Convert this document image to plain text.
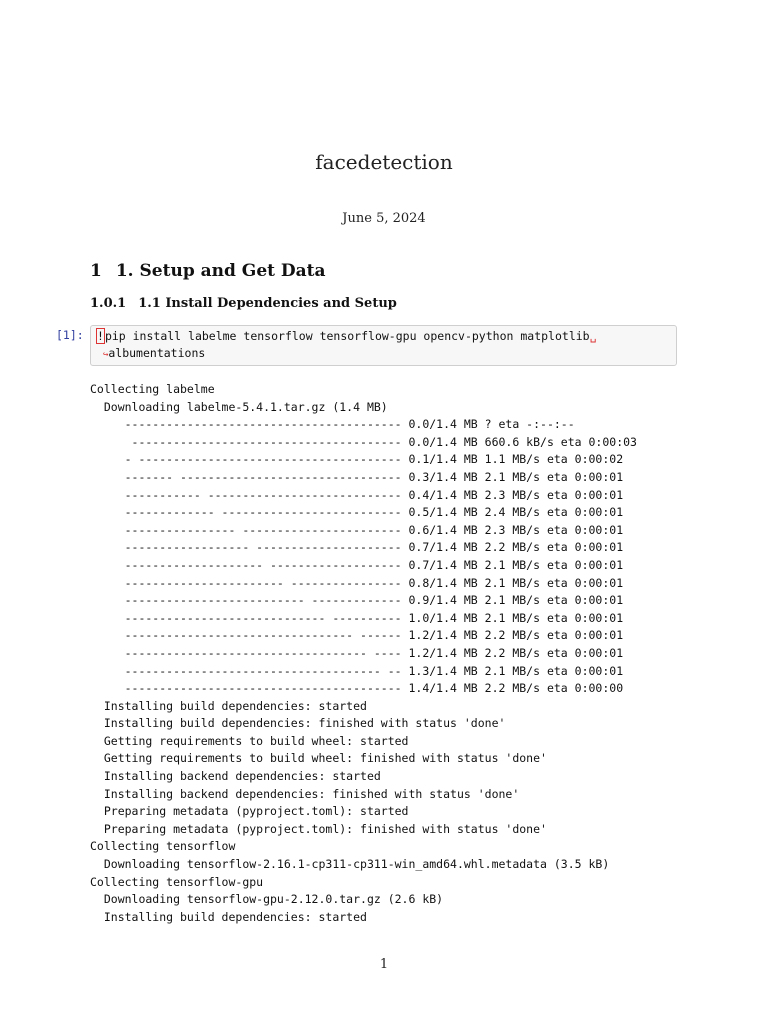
facedetection
June 5, 2024
1 1. Setup and Get Data
1.0.1 1.1 Install Dependencies and Setup
[1]: !pip install labelme tensorflow tensorflow-gpu opencv-python matplotlib␣
↪albumentations
Collecting labelme
Downloading labelme-5.4.1.tar.gz (1.4 MB)
---------------------------------------- 0.0/1.4 MB ? eta -:--:--
--------------------------------------- 0.0/1.4 MB 660.6 kB/s eta 0:00:03
- -------------------------------------- 0.1/1.4 MB 1.1 MB/s eta 0:00:02
------- -------------------------------- 0.3/1.4 MB 2.1 MB/s eta 0:00:01
----------- ---------------------------- 0.4/1.4 MB 2.3 MB/s eta 0:00:01
------------- -------------------------- 0.5/1.4 MB 2.4 MB/s eta 0:00:01
---------------- ----------------------- 0.6/1.4 MB 2.3 MB/s eta 0:00:01
------------------ --------------------- 0.7/1.4 MB 2.2 MB/s eta 0:00:01
-------------------- ------------------- 0.7/1.4 MB 2.1 MB/s eta 0:00:01
----------------------- ---------------- 0.8/1.4 MB 2.1 MB/s eta 0:00:01
-------------------------- ------------- 0.9/1.4 MB 2.1 MB/s eta 0:00:01
----------------------------- ---------- 1.0/1.4 MB 2.1 MB/s eta 0:00:01
--------------------------------- ------ 1.2/1.4 MB 2.2 MB/s eta 0:00:01
----------------------------------- ---- 1.2/1.4 MB 2.2 MB/s eta 0:00:01
------------------------------------- -- 1.3/1.4 MB 2.1 MB/s eta 0:00:01
---------------------------------------- 1.4/1.4 MB 2.2 MB/s eta 0:00:00
Installing build dependencies: started
Installing build dependencies: finished with status 'done'
Getting requirements to build wheel: started
Getting requirements to build wheel: finished with status 'done'
Installing backend dependencies: started
Installing backend dependencies: finished with status 'done'
Preparing metadata (pyproject.toml): started
Preparing metadata (pyproject.toml): finished with status 'done'
Collecting tensorflow
Downloading tensorflow-2.16.1-cp311-cp311-win_amd64.whl.metadata (3.5 kB)
Collecting tensorflow-gpu
Downloading tensorflow-gpu-2.12.0.tar.gz (2.6 kB)
Installing build dependencies: started
1
